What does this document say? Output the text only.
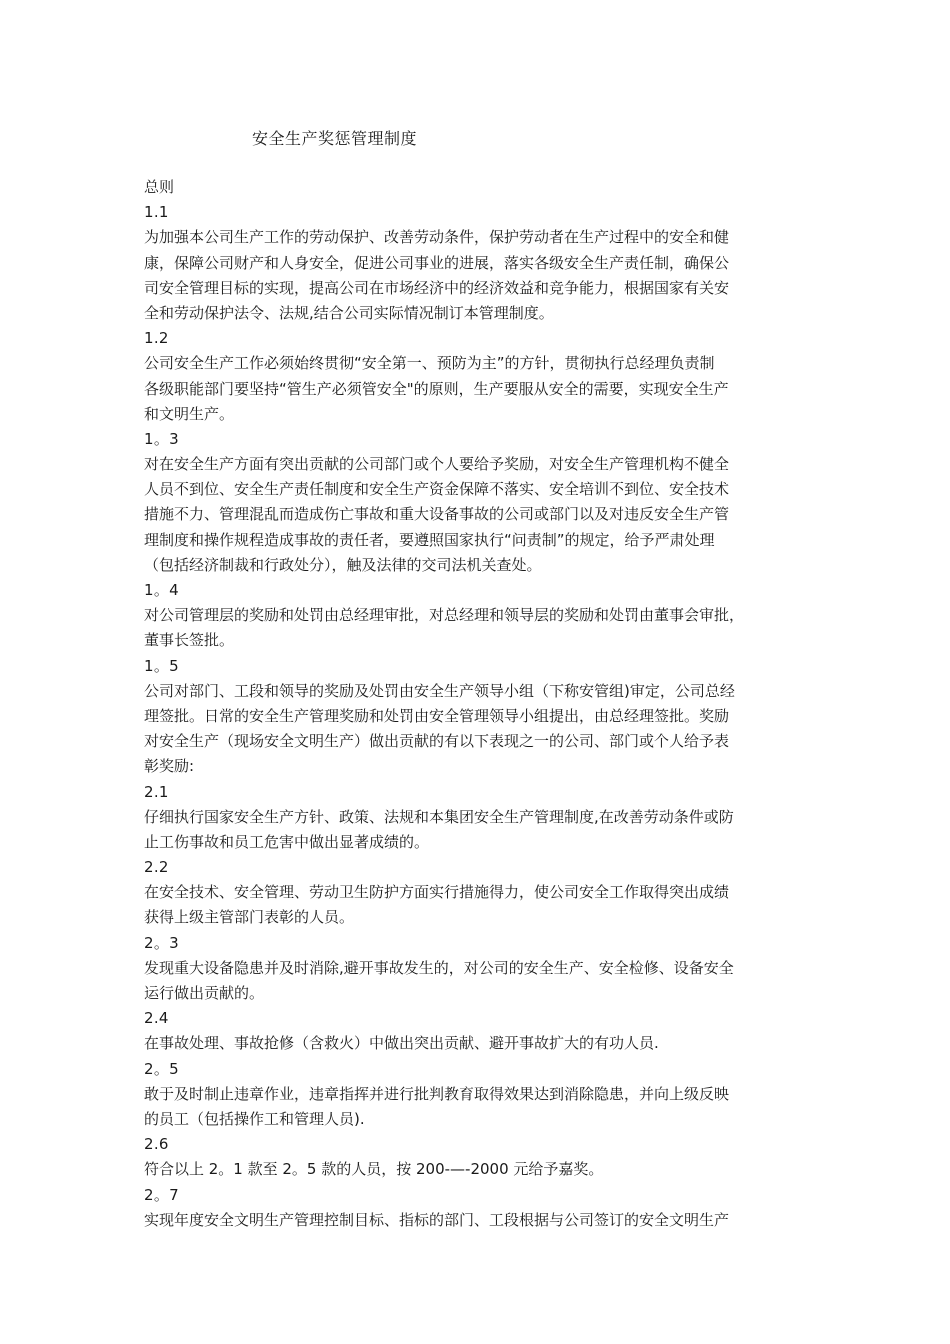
安全生产奖惩管理制度
总则
1.1
为加强本公司生产工作的劳动保护、改善劳动条件，保护劳动者在生产过程中的安全和健
康，保障公司财产和人身安全，促进公司事业的进展，落实各级安全生产责任制，确保公
司安全管理目标的实现，提高公司在市场经济中的经济效益和竞争能力，根据国家有关安
全和劳动保护法令、法规,结合公司实际情况制订本管理制度。
1.2
公司安全生产工作必须始终贯彻“安全第一、预防为主”的方针，贯彻执行总经理负责制
各级职能部门要坚持“管生产必须管安全"的原则，生产要服从安全的需要，实现安全生产
和文明生产。
1。3
对在安全生产方面有突出贡献的公司部门或个人要给予奖励，对安全生产管理机构不健全
人员不到位、安全生产责任制度和安全生产资金保障不落实、安全培训不到位、安全技术
措施不力、管理混乱而造成伤亡事故和重大设备事故的公司或部门以及对违反安全生产管
理制度和操作规程造成事故的责任者，要遵照国家执行“问责制”的规定，给予严肃处理
（包括经济制裁和行政处分），触及法律的交司法机关查处。
1。4
对公司管理层的奖励和处罚由总经理审批，对总经理和领导层的奖励和处罚由董事会审批，
董事长签批。
1。5
公司对部门、工段和领导的奖励及处罚由安全生产领导小组（下称安管组)审定，公司总经
理签批。日常的安全生产管理奖励和处罚由安全管理领导小组提出，由总经理签批。奖励
对安全生产（现场安全文明生产）做出贡献的有以下表现之一的公司、部门或个人给予表
彰奖励:
2.1
仔细执行国家安全生产方针、政策、法规和本集团安全生产管理制度,在改善劳动条件或防
止工伤事故和员工危害中做出显著成绩的。
2.2
在安全技术、安全管理、劳动卫生防护方面实行措施得力，使公司安全工作取得突出成绩
获得上级主管部门表彰的人员。
2。3
发现重大设备隐患并及时消除,避开事故发生的，对公司的安全生产、安全检修、设备安全
运行做出贡献的。
2.4
在事故处理、事故抢修（含救火）中做出突出贡献、避开事故扩大的有功人员.
2。5
敢于及时制止违章作业，违章指挥并进行批判教育取得效果达到消除隐患，并向上级反映
的员工（包括操作工和管理人员).
2.6
符合以上 2。1 款至 2。5 款的人员，按 200-—-2000 元给予嘉奖。
2。7
实现年度安全文明生产管理控制目标、指标的部门、工段根据与公司签订的安全文明生产
